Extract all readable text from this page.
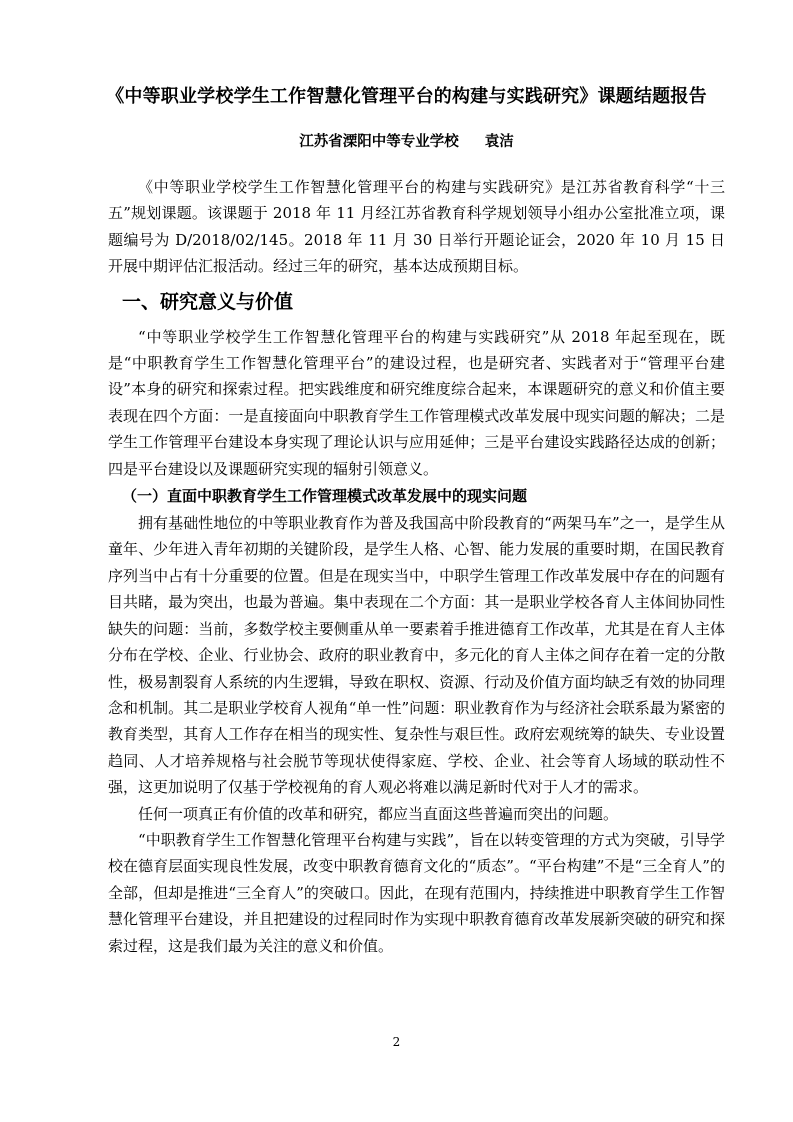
《中等职业学校学生工作智慧化管理平台的构建与实践研究》课题结题报告
江苏省溧阳中等专业学校 袁洁

《中等职业学校学生工作智慧化管理平台的构建与实践研究》是江苏省教育科学“十三五”规划课题。该课题于 2018 年 11 月经江苏省教育科学规划领导小组办公室批准立项，课题编号为 D/2018/02/145。2018 年 11 月 30 日举行开题论证会，2020 年 10 月 15 日开展中期评估汇报活动。经过三年的研究，基本达成预期目标。

一、研究意义与价值

“中等职业学校学生工作智慧化管理平台的构建与实践研究”从 2018 年起至现在，既是“中职教育学生工作智慧化管理平台”的建设过程，也是研究者、实践者对于“管理平台建设”本身的研究和探索过程。把实践维度和研究维度综合起来，本课题研究的意义和价值主要表现在四个方面：一是直接面向中职教育学生工作管理模式改革发展中现实问题的解决；二是学生工作管理平台建设本身实现了理论认识与应用延伸；三是平台建设实践路径达成的创新；四是平台建设以及课题研究实现的辐射引领意义。

（一）直面中职教育学生工作管理模式改革发展中的现实问题

拥有基础性地位的中等职业教育作为普及我国高中阶段教育的“两架马车”之一，是学生从童年、少年进入青年初期的关键阶段，是学生人格、心智、能力发展的重要时期，在国民教育序列当中占有十分重要的位置。但是在现实当中，中职学生管理工作改革发展中存在的问题有目共睹，最为突出，也最为普遍。集中表现在二个方面：其一是职业学校各育人主体间协同性缺失的问题：当前，多数学校主要侧重从单一要素着手推进德育工作改革，尤其是在育人主体分布在学校、企业、行业协会、政府的职业教育中，多元化的育人主体之间存在着一定的分散性，极易割裂育人系统的内生逻辑，导致在职权、资源、行动及价值方面均缺乏有效的协同理念和机制。其二是职业学校育人视角“单一性”问题：职业教育作为与经济社会联系最为紧密的教育类型，其育人工作存在相当的现实性、复杂性与艰巨性。政府宏观统筹的缺失、专业设置趋同、人才培养规格与社会脱节等现状使得家庭、学校、企业、社会等育人场域的联动性不强，这更加说明了仅基于学校视角的育人观必将难以满足新时代对于人才的需求。

任何一项真正有价值的改革和研究，都应当直面这些普遍而突出的问题。

“中职教育学生工作智慧化管理平台构建与实践”，旨在以转变管理的方式为突破，引导学校在德育层面实现良性发展，改变中职教育德育文化的“质态”。“平台构建”不是“三全育人”的全部，但却是推进“三全育人”的突破口。因此，在现有范围内，持续推进中职教育学生工作智慧化管理平台建设，并且把建设的过程同时作为实现中职教育德育改革发展新突破的研究和探索过程，这是我们最为关注的意义和价值。

2
